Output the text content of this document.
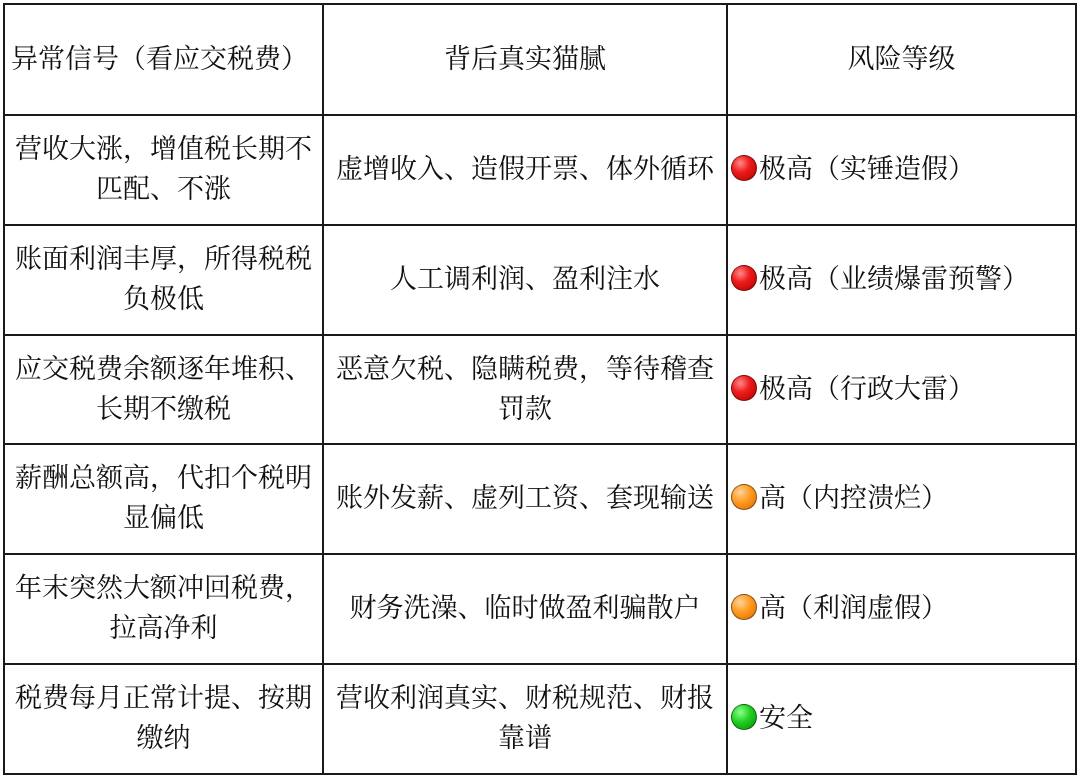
异常信号（看应交税费）	背后真实猫腻	风险等级
营收大涨，增值税长期不匹配、不涨	虚增收入、造假开票、体外循环	极高（实锤造假）
账面利润丰厚，所得税税负极低	人工调利润、盈利注水	极高（业绩爆雷预警）
应交税费余额逐年堆积、长期不缴税	恶意欠税、隐瞒税费，等待稽查罚款	极高（行政大雷）
薪酬总额高，代扣个税明显偏低	账外发薪、虚列工资、套现输送	高（内控溃烂）
年末突然大额冲回税费，拉高净利	财务洗澡、临时做盈利骗散户	高（利润虚假）
税费每月正常计提、按期缴纳	营收利润真实、财税规范、财报靠谱	安全
